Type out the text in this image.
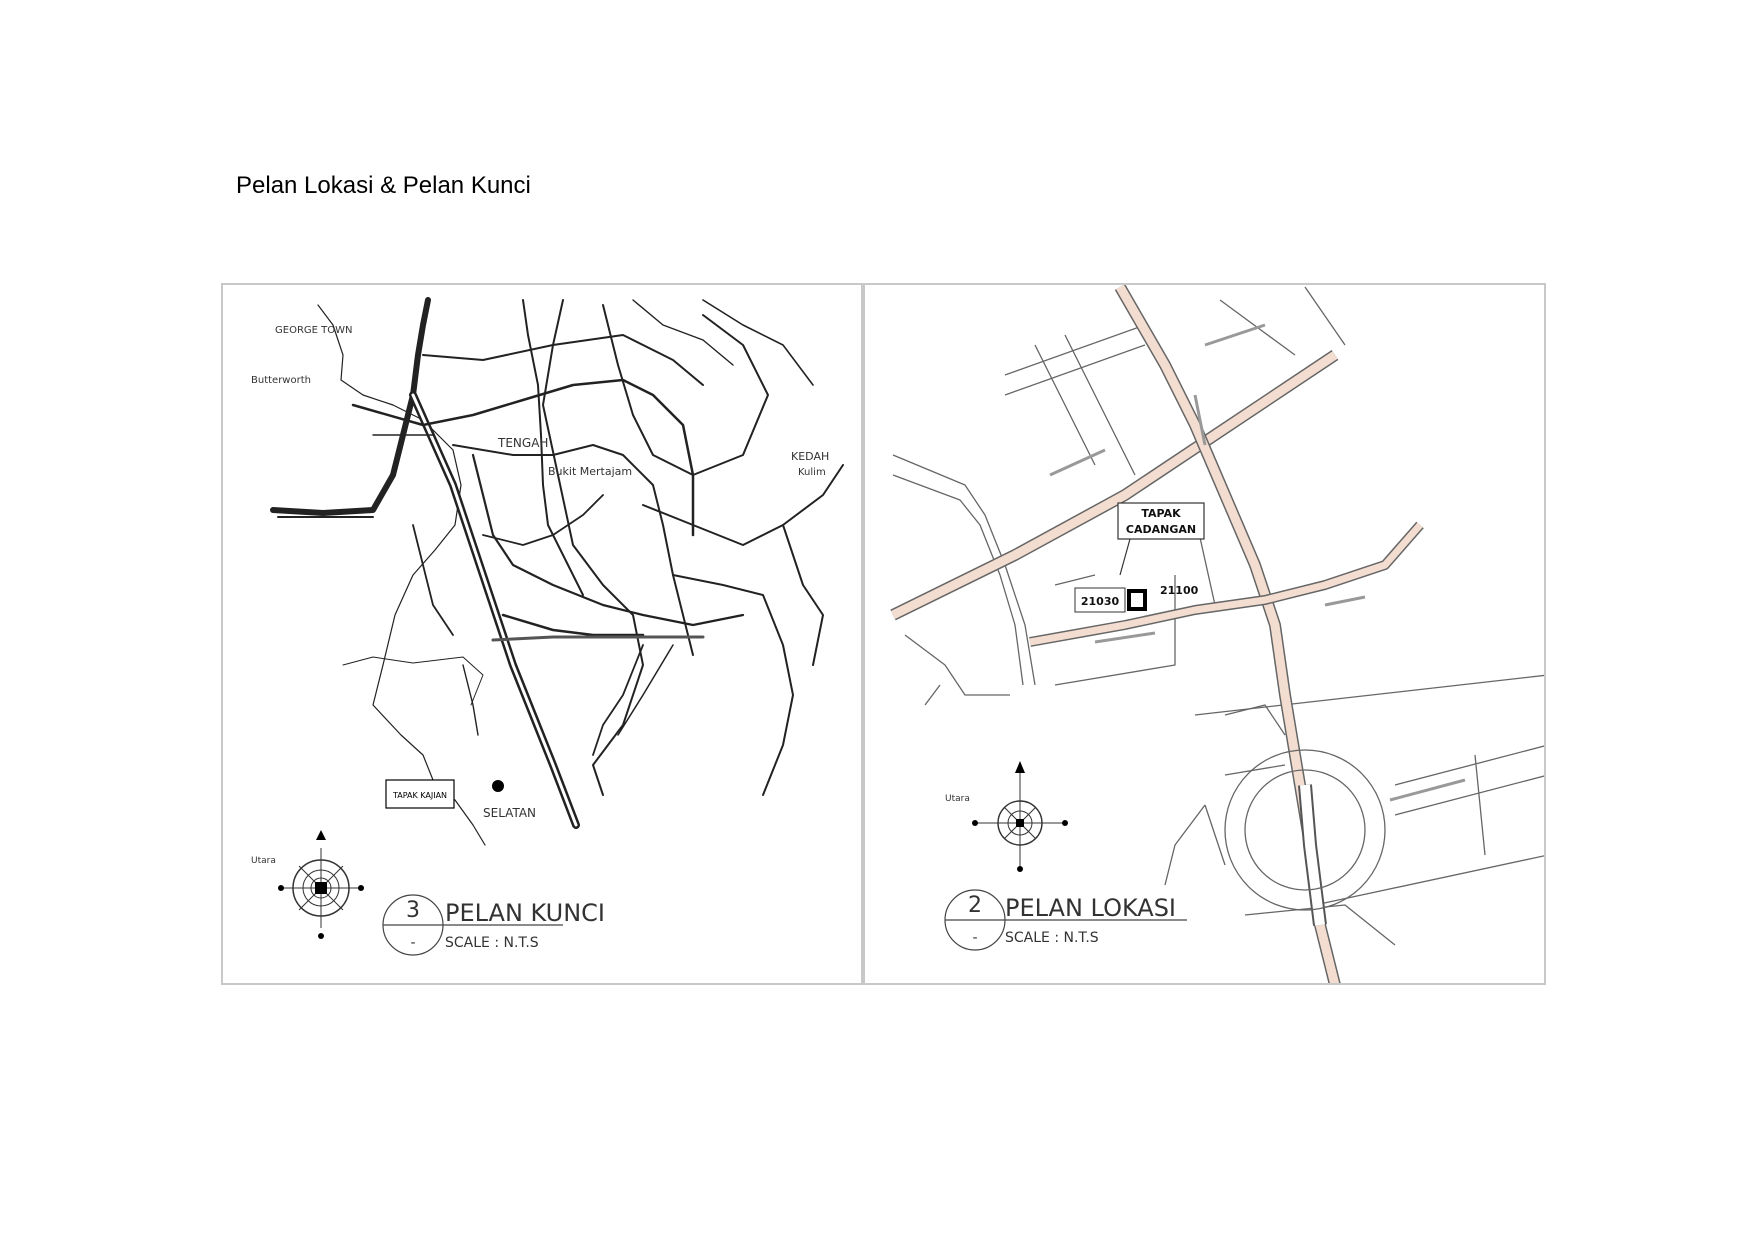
Pelan Lokasi & Pelan Kunci
GEORGE TOWN
Butterworth
TENGAH
KEDAH
Kulim
Bukit Mertajam
SELATAN
TAPAK KAJIAN
Utara
3
-
PELAN KUNCI
SCALE : N.T.S
TAPAK
CADANGAN
21030
21100
Utara
2
-
PELAN LOKASI
SCALE : N.T.S
